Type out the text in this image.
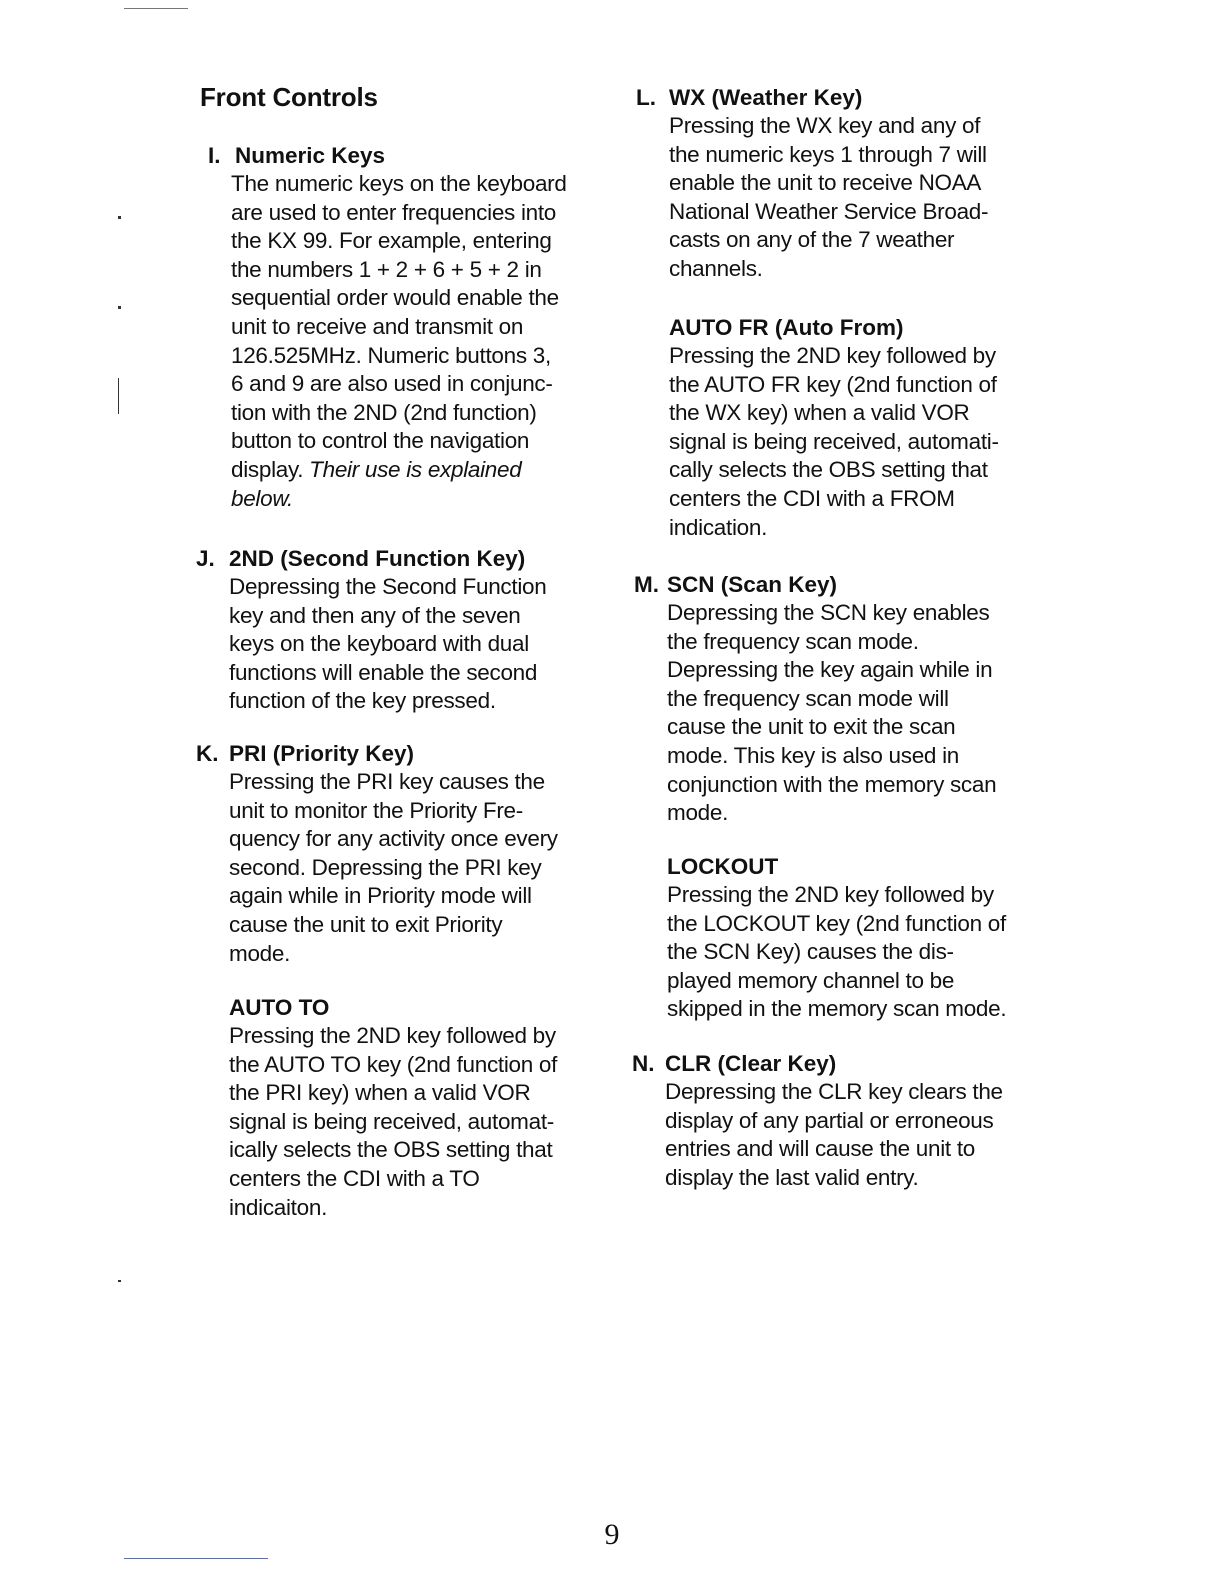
Front Controls
I. Numeric Keys
The numeric keys on the keyboard
are used to enter frequencies into
the KX 99. For example, entering
the numbers 1 + 2 + 6 + 5 + 2 in
sequential order would enable the
unit to receive and transmit on
126.525MHz. Numeric buttons 3,
6 and 9 are also used in conjunc-
tion with the 2ND (2nd function)
button to control the navigation
display. Their use is explained
below.
J. 2ND (Second Function Key)
Depressing the Second Function
key and then any of the seven
keys on the keyboard with dual
functions will enable the second
function of the key pressed.
K. PRI (Priority Key)
Pressing the PRI key causes the
unit to monitor the Priority Fre-
quency for any activity once every
second. Depressing the PRI key
again while in Priority mode will
cause the unit to exit Priority
mode.
AUTO TO
Pressing the 2ND key followed by
the AUTO TO key (2nd function of
the PRI key) when a valid VOR
signal is being received, automat-
ically selects the OBS setting that
centers the CDI with a TO
indicaiton.
L. WX (Weather Key)
Pressing the WX key and any of
the numeric keys 1 through 7 will
enable the unit to receive NOAA
National Weather Service Broad-
casts on any of the 7 weather
channels.
AUTO FR (Auto From)
Pressing the 2ND key followed by
the AUTO FR key (2nd function of
the WX key) when a valid VOR
signal is being received, automati-
cally selects the OBS setting that
centers the CDI with a FROM
indication.
M. SCN (Scan Key)
Depressing the SCN key enables
the frequency scan mode.
Depressing the key again while in
the frequency scan mode will
cause the unit to exit the scan
mode. This key is also used in
conjunction with the memory scan
mode.
LOCKOUT
Pressing the 2ND key followed by
the LOCKOUT key (2nd function of
the SCN Key) causes the dis-
played memory channel to be
skipped in the memory scan mode.
N. CLR (Clear Key)
Depressing the CLR key clears the
display of any partial or erroneous
entries and will cause the unit to
display the last valid entry.
9
